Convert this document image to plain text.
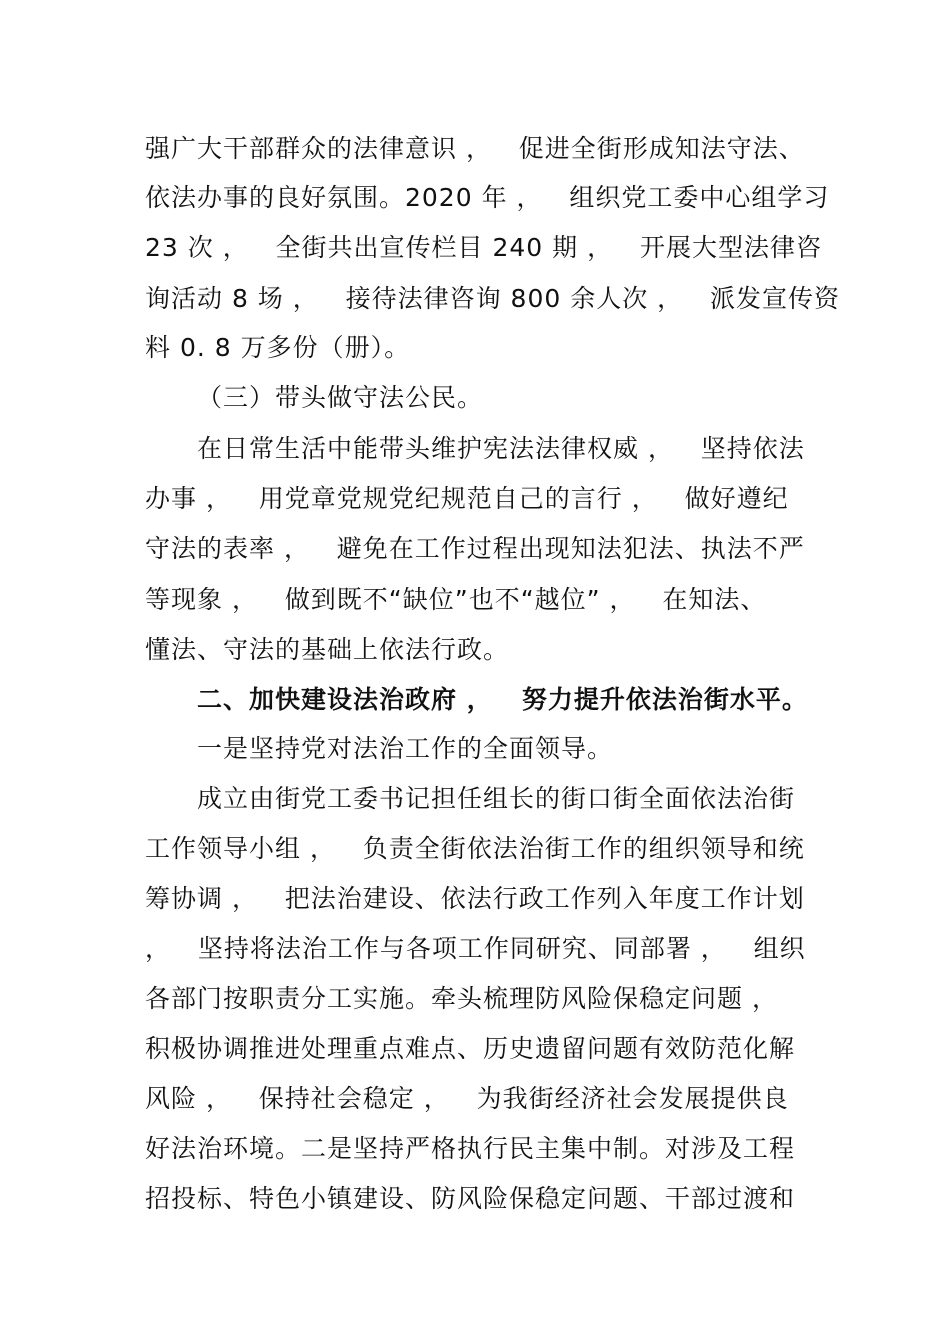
强广大干部群众的法律意识 ，   促进全街形成知法守法、
依法办事的良好氛围。2020 年 ，   组织党工委中心组学习
23 次 ，   全街共出宣传栏目 240 期 ，   开展大型法律咨
询活动 8 场 ，   接待法律咨询 800 余人次 ，   派发宣传资
料 0. 8 万多份（册）。
（三）带头做守法公民。
在日常生活中能带头维护宪法法律权威 ，   坚持依法
办事 ，   用党章党规党纪规范自己的言行 ，   做好遵纪
守法的表率 ，   避免在工作过程出现知法犯法、执法不严
等现象 ，   做到既不“缺位”也不“越位” ，   在知法、
懂法、守法的基础上依法行政。
二、加快建设法治政府 ，   努力提升依法治街水平。
一是坚持党对法治工作的全面领导。
成立由街党工委书记担任组长的街口街全面依法治街
工作领导小组 ，   负责全街依法治街工作的组织领导和统
筹协调 ，   把法治建设、依法行政工作列入年度工作计划
，   坚持将法治工作与各项工作同研究、同部署 ，   组织
各部门按职责分工实施。牵头梳理防风险保稳定问题 ，
积极协调推进处理重点难点、历史遗留问题有效防范化解
风险 ，   保持社会稳定 ，   为我街经济社会发展提供良
好法治环境。二是坚持严格执行民主集中制。对涉及工程
招投标、特色小镇建设、防风险保稳定问题、干部过渡和
